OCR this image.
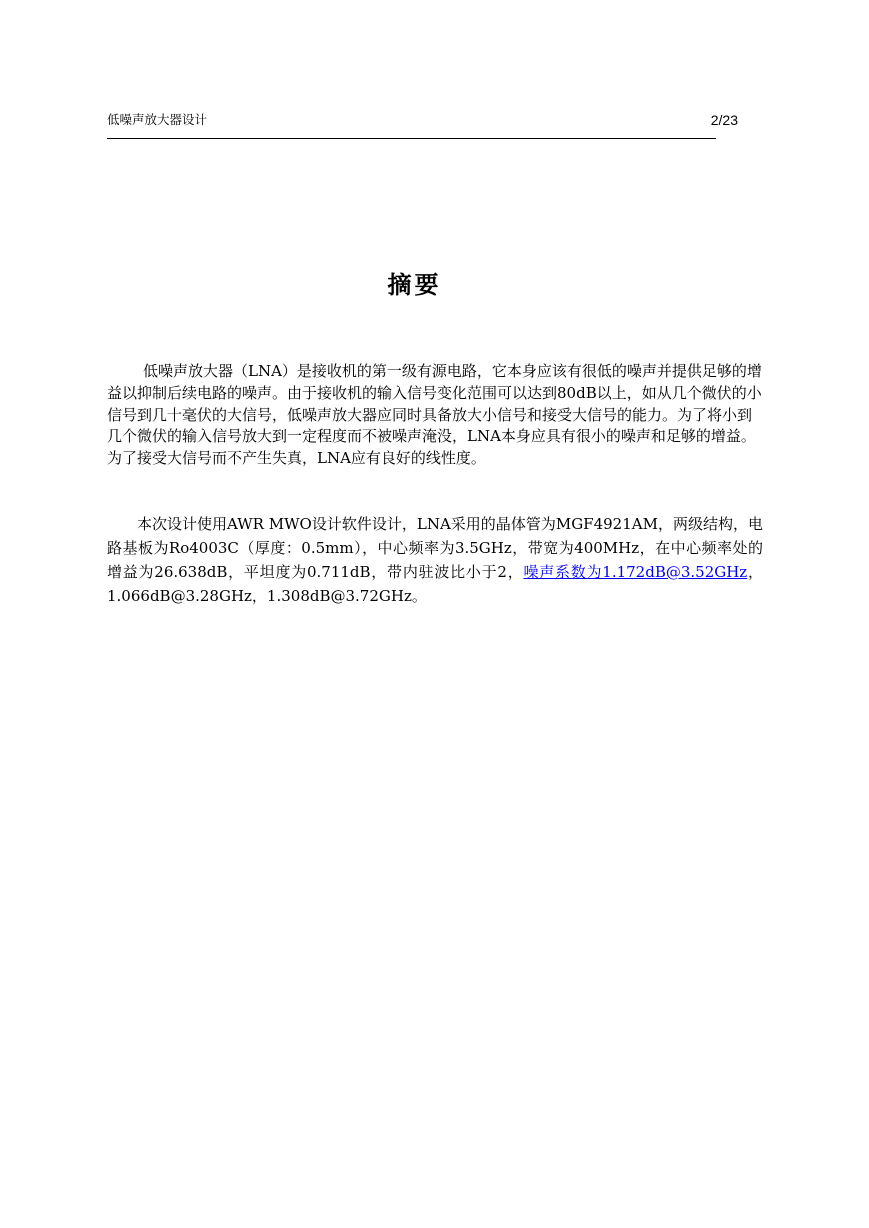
低噪声放大器设计	2/23
摘要

低噪声放大器（LNA）是接收机的第一级有源电路，它本身应该有很低的噪声并提供足够的增益以抑制后续电路的噪声。由于接收机的输入信号变化范围可以达到80dB以上，如从几个微伏的小信号到几十毫伏的大信号，低噪声放大器应同时具备放大小信号和接受大信号的能力。为了将小到几个微伏的输入信号放大到一定程度而不被噪声淹没，LNA本身应具有很小的噪声和足够的增益。为了接受大信号而不产生失真，LNA应有良好的线性度。

本次设计使用AWR MWO设计软件设计，LNA采用的晶体管为MGF4921AM，两级结构，电路基板为Ro4003C（厚度：0.5mm），中心频率为3.5GHz，带宽为400MHz，在中心频率处的增益为26.638dB，平坦度为0.711dB，带内驻波比小于2，噪声系数为1.172dB@3.52GHz，1.066dB@3.28GHz，1.308dB@3.72GHz。
